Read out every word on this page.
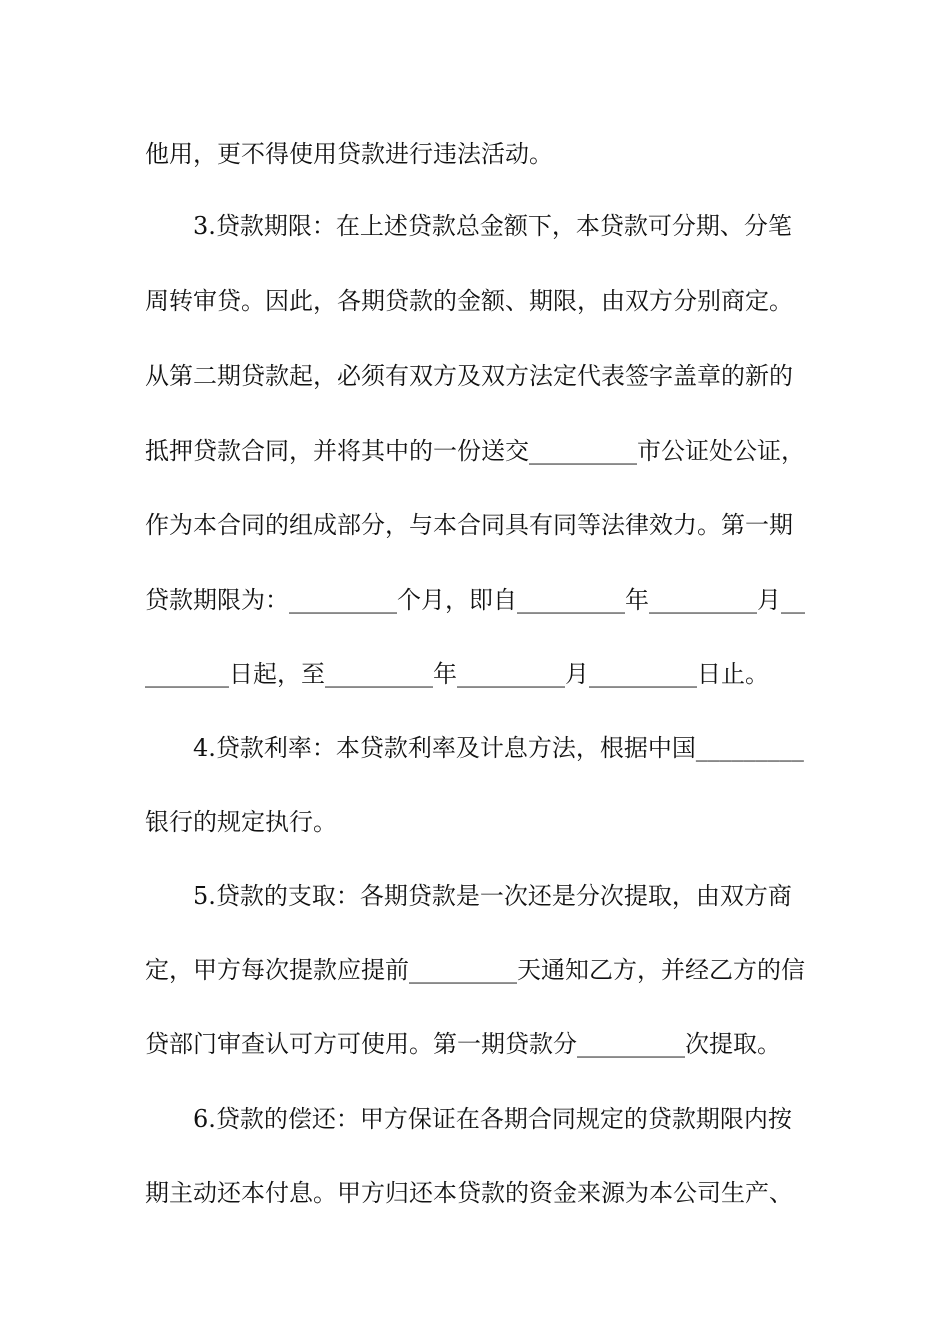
他用，更不得使用贷款进行违法活动。
3.贷款期限：在上述贷款总金额下，本贷款可分期、分笔
周转审贷。因此，各期贷款的金额、期限，由双方分别商定。
从第二期贷款起，必须有双方及双方法定代表签字盖章的新的
抵押贷款合同，并将其中的一份送交_________市公证处公证，
作为本合同的组成部分，与本合同具有同等法律效力。第一期
贷款期限为：_________个月，即自_________年_________月__
_______日起，至_________年_________月_________日止。
4.贷款利率：本贷款利率及计息方法，根据中国_________
银行的规定执行。
5.贷款的支取：各期贷款是一次还是分次提取，由双方商
定，甲方每次提款应提前_________天通知乙方，并经乙方的信
贷部门审查认可方可使用。第一期贷款分_________次提取。
6.贷款的偿还：甲方保证在各期合同规定的贷款期限内按
期主动还本付息。甲方归还本贷款的资金来源为本公司生产、
